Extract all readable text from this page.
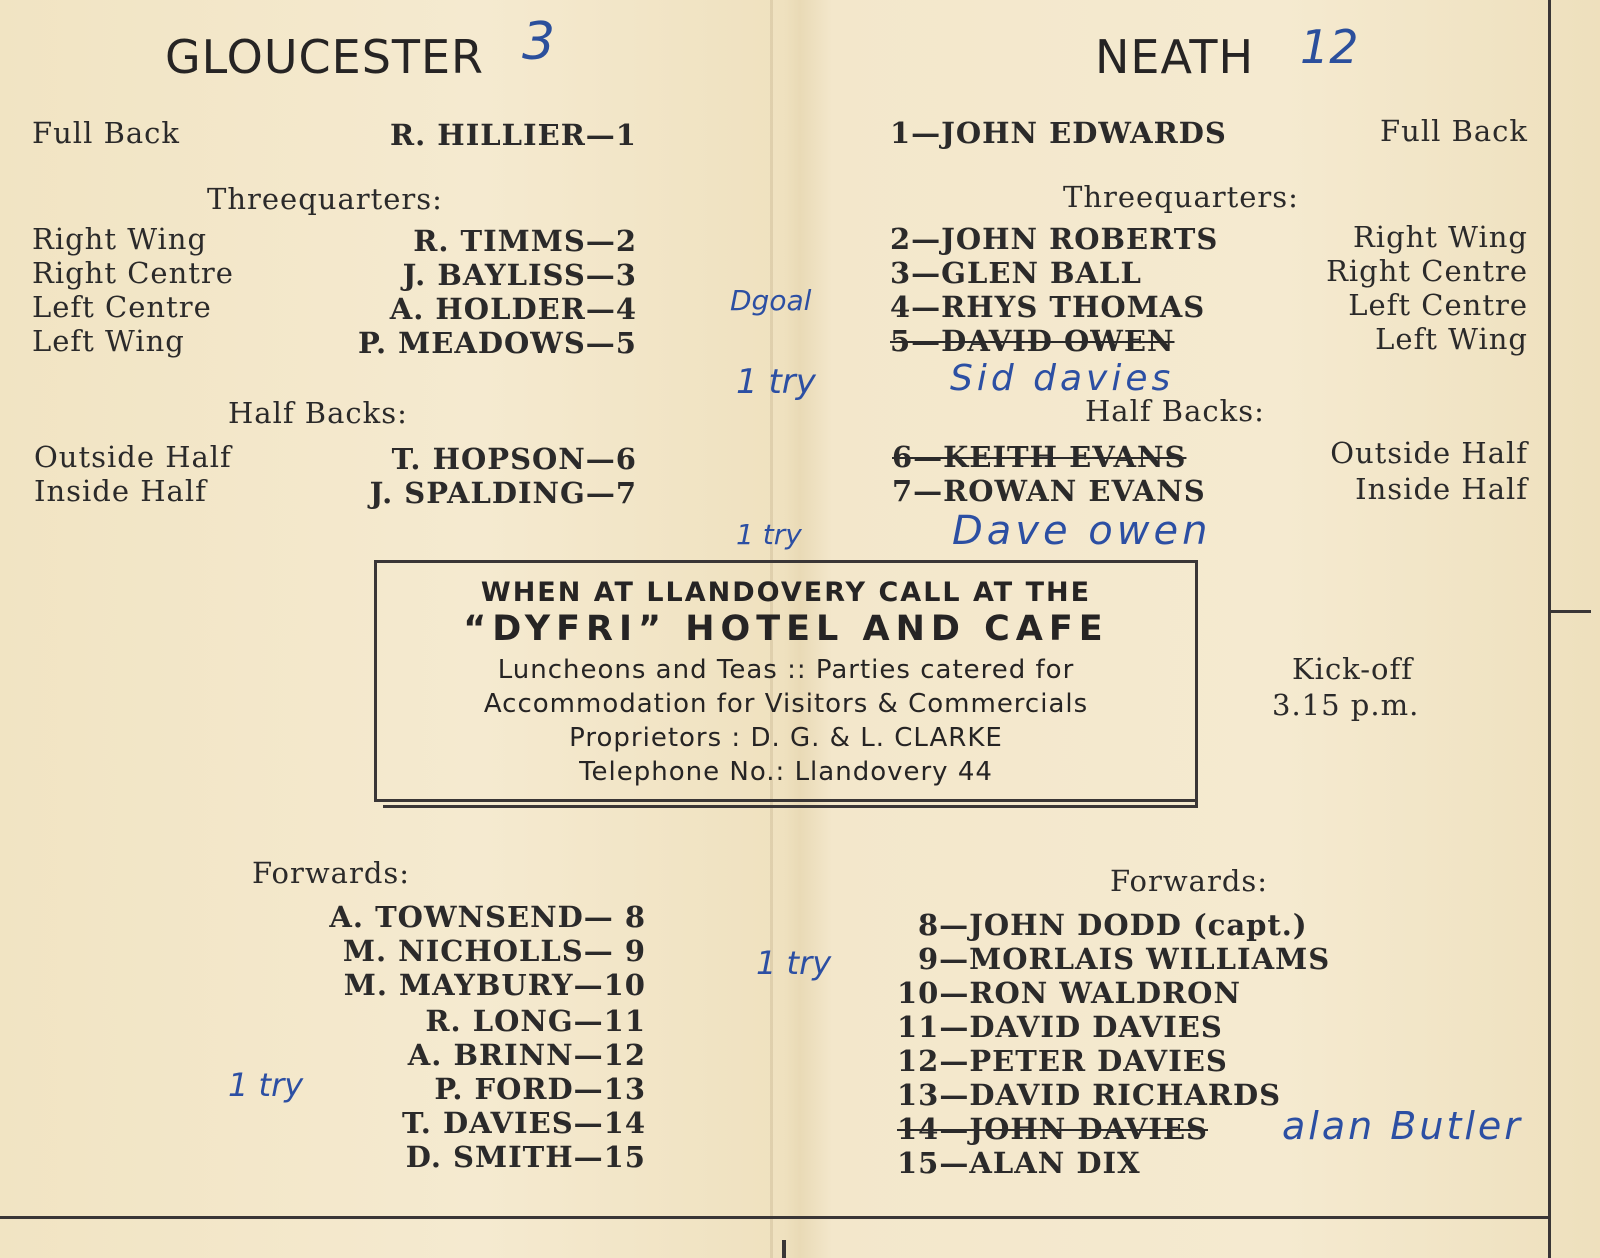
GLOUCESTER 3	NEATH 12
Full Back	R. HILLIER—1
Threequarters:
Right Wing	R. TIMMS—2
Right Centre	J. BAYLISS—3
Left Centre	A. HOLDER—4
Left Wing	P. MEADOWS—5
Half Backs:
Outside Half	T. HOPSON—6
Inside Half	J. SPALDING—7
1—JOHN EDWARDS	Full Back
Threequarters:
2—JOHN ROBERTS	Right Wing
3—GLEN BALL	Right Centre
4—RHYS THOMAS	Left Centre
5—DAVID OWEN	Left Wing
Half Backs:
6—KEITH EVANS	Outside Half
7—ROWAN EVANS	Inside Half
WHEN AT LLANDOVERY CALL AT THE
“DYFRI” HOTEL AND CAFE
Luncheons and Teas :: Parties catered for
Accommodation for Visitors & Commercials
Proprietors : D. G. & L. CLARKE
Telephone No.: Llandovery 44
Kick-off
3.15 p.m.
Forwards:
A. TOWNSEND— 8
M. NICHOLLS— 9
M. MAYBURY—10
R. LONG—11
A. BRINN—12
P. FORD—13
T. DAVIES—14
D. SMITH—15
Forwards:
8—JOHN DODD (capt.)
9—MORLAIS WILLIAMS
10—RON WALDRON
11—DAVID DAVIES
12—PETER DAVIES
13—DAVID RICHARDS
14—JOHN DAVIES
15—ALAN DIX
Dgoal
1 try	Sid davies
1 try	Dave owen
1 try
1 try
alan Butler
